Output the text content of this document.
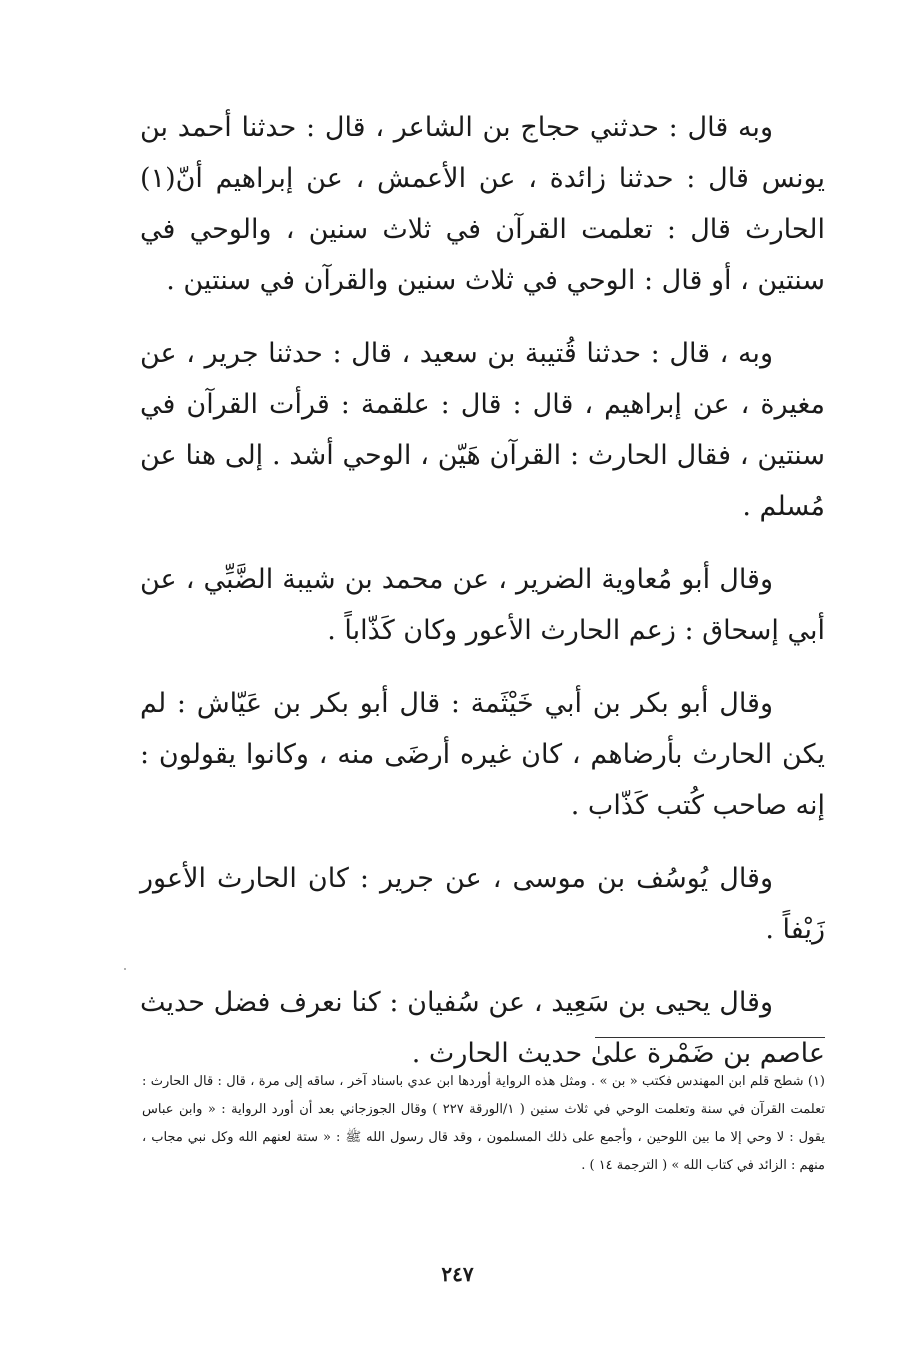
وبه قال : حدثني حجاج بن الشاعر ، قال : حدثنا أحمد بن يونس قال : حدثنا زائدة ، عن الأعمش ، عن إبراهيم أنّ(١) الحارث قال : تعلمت القرآن في ثلاث سنين ، والوحي في سنتين ، أو قال : الوحي في ثلاث سنين والقرآن في سنتين .

وبه ، قال : حدثنا قُتيبة بن سعيد ، قال : حدثنا جرير ، عن مغيرة ، عن إبراهيم ، قال : قال : علقمة : قرأت القرآن في سنتين ، فقال الحارث : القرآن هَيّن ، الوحي أشد . إلى هنا عن مُسلم .

وقال أبو مُعاوية الضرير ، عن محمد بن شيبة الضَّبِّي ، عن أبي إسحاق : زعم الحارث الأعور وكان كَذّاباً .

وقال أبو بكر بن أبي خَيْثَمة : قال أبو بكر بن عَيّاش : لم يكن الحارث بأرضاهم ، كان غيره أرضَى منه ، وكانوا يقولون : إنه صاحب كُتب كَذّاب .

وقال يُوسُف بن موسى ، عن جرير : كان الحارث الأعور زَيْفاً .

وقال يحيى بن سَعِيد ، عن سُفيان : كنا نعرف فضل حديث عاصم بن ضَمْرة علىٰ حديث الحارث .

(١) شطح قلم ابن المهندس فكتب « بن » . ومثل هذه الرواية أوردها ابن عدي باسناد آخر ، ساقه إلى مرة ، قال : قال الحارث : تعلمت القرآن في سنة وتعلمت الوحي في ثلاث سنين ( ١/الورقة ٢٢٧ ) وقال الجوزجاني بعد أن أورد الرواية : « وابن عباس يقول : لا وحي إلا ما بين اللوحين ، وأجمع على ذلك المسلمون ، وقد قال رسول الله ﷺ : « ستة لعنهم الله وكل نبي مجاب ، منهم : الزائد في كتاب الله » ( الترجمة ١٤ ) .

٢٤٧
